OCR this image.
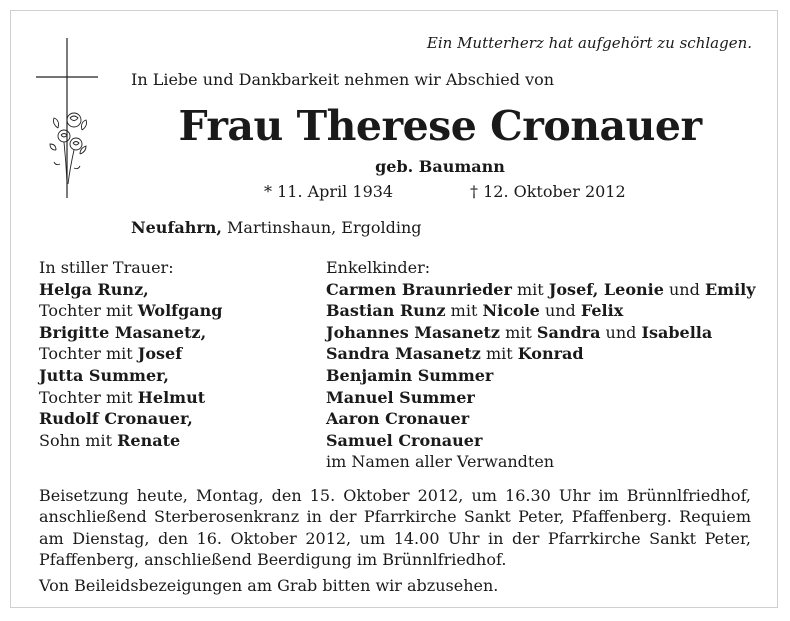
Ein Mutterherz hat aufgehört zu schlagen.
In Liebe und Dankbarkeit nehmen wir Abschied von
Frau Therese Cronauer
geb. Baumann
* 11. April 1934	† 12. Oktober 2012
Neufahrn, Martinshaun, Ergolding
In stiller Trauer:
Helga Runz,
Tochter mit Wolfgang
Brigitte Masanetz,
Tochter mit Josef
Jutta Summer,
Tochter mit Helmut
Rudolf Cronauer,
Sohn mit Renate
Enkelkinder:
Carmen Braunrieder mit Josef, Leonie und Emily
Bastian Runz mit Nicole und Felix
Johannes Masanetz mit Sandra und Isabella
Sandra Masanetz mit Konrad
Benjamin Summer
Manuel Summer
Aaron Cronauer
Samuel Cronauer
im Namen aller Verwandten

Beisetzung heute, Montag, den 15. Oktober 2012, um 16.30 Uhr im Brünnlfriedhof, anschließend Sterberosenkranz in der Pfarrkirche Sankt Peter, Pfaffenberg. Requiem am Dienstag, den 16. Oktober 2012, um 14.00 Uhr in der Pfarrkirche Sankt Peter, Pfaffenberg, anschließend Beerdigung im Brünnlfriedhof.

Von Beileidsbezeigungen am Grab bitten wir abzusehen.
